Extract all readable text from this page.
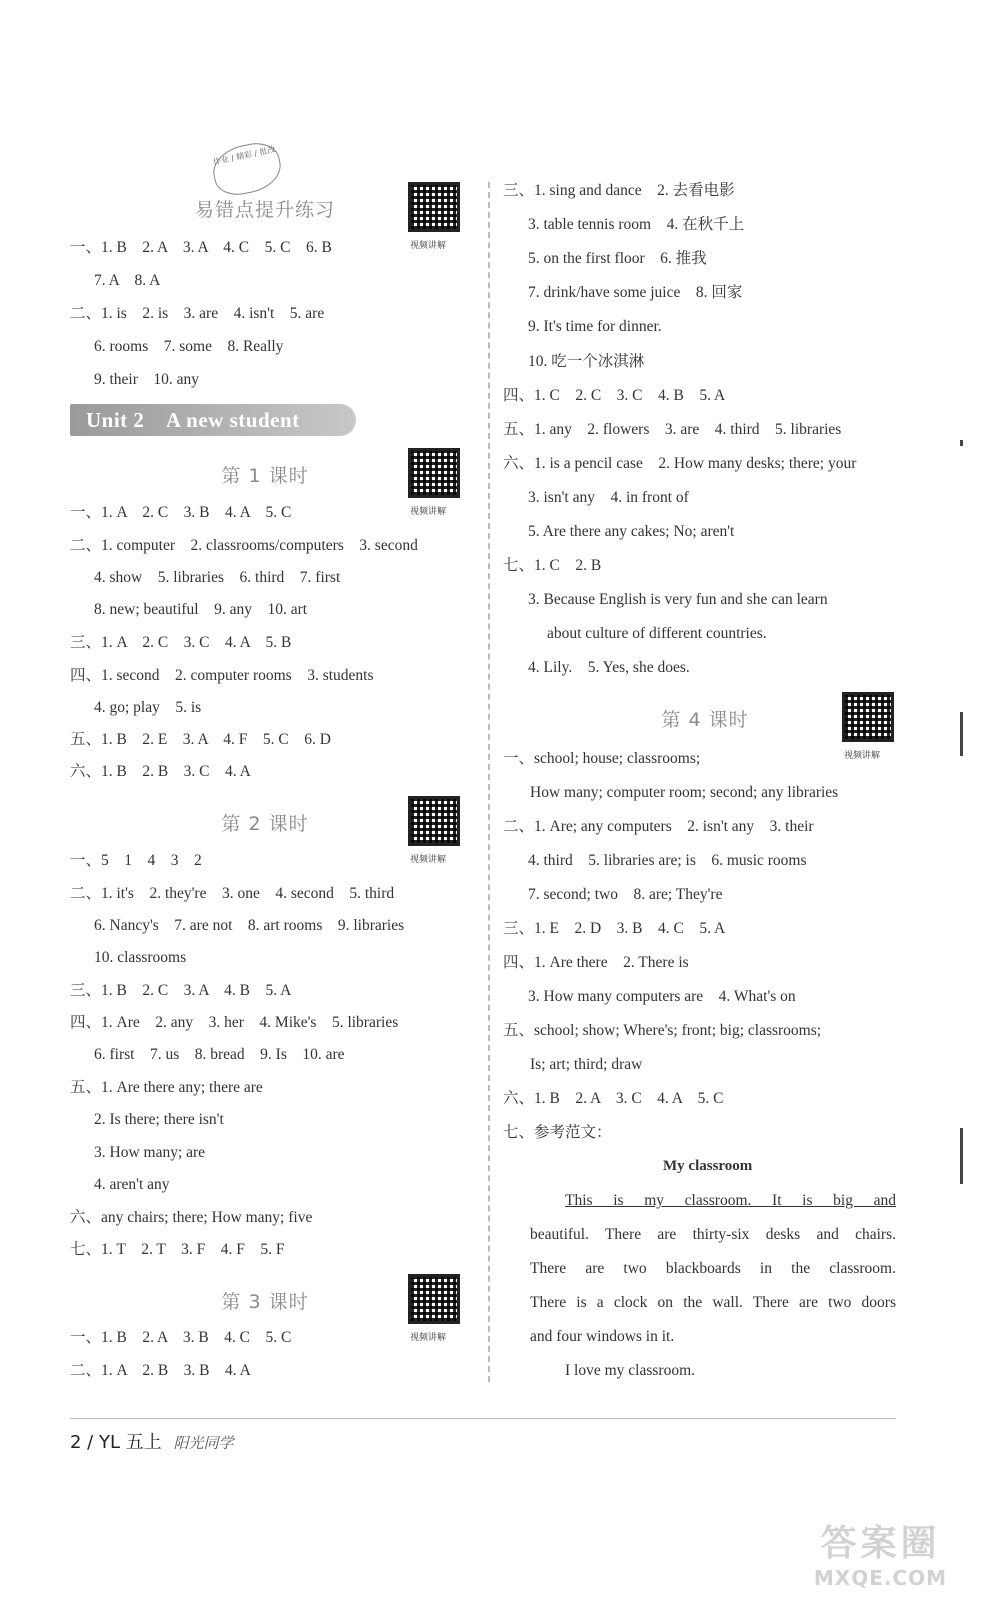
作业 / 精彩 / 批改
易错点提升练习
视频讲解
一、1. B　2. A　3. A　4. C　5. C　6. B
7. A　8. A
二、1. is　2. is　3. are　4. isn't　5. are
6. rooms　7. some　8. Really
9. their　10. any
Unit 2　A new student
第 1 课时
视频讲解
一、1. A　2. C　3. B　4. A　5. C
二、1. computer　2. classrooms/computers　3. second
4. show　5. libraries　6. third　7. first
8. new; beautiful　9. any　10. art
三、1. A　2. C　3. C　4. A　5. B
四、1. second　2. computer rooms　3. students
4. go; play　5. is
五、1. B　2. E　3. A　4. F　5. C　6. D
六、1. B　2. B　3. C　4. A
第 2 课时
视频讲解
一、5　1　4　3　2
二、1. it's　2. they're　3. one　4. second　5. third
6. Nancy's　7. are not　8. art rooms　9. libraries
10. classrooms
三、1. B　2. C　3. A　4. B　5. A
四、1. Are　2. any　3. her　4. Mike's　5. libraries
6. first　7. us　8. bread　9. Is　10. are
五、1. Are there any; there are
2. Is there; there isn't
3. How many; are
4. aren't any
六、any chairs; there; How many; five
七、1. T　2. T　3. F　4. F　5. F
第 3 课时
视频讲解
一、1. B　2. A　3. B　4. C　5. C
二、1. A　2. B　3. B　4. A
三、1. sing and dance　2. 去看电影
3. table tennis room　4. 在秋千上
5. on the first floor　6. 推我
7. drink/have some juice　8. 回家
9. It's time for dinner.
10. 吃一个冰淇淋
四、1. C　2. C　3. C　4. B　5. A
五、1. any　2. flowers　3. are　4. third　5. libraries
六、1. is a pencil case　2. How many desks; there; your
3. isn't any　4. in front of
5. Are there any cakes; No; aren't
七、1. C　2. B
3. Because English is very fun and she can learn
about culture of different countries.
4. Lily.　5. Yes, she does.
第 4 课时
视频讲解
一、school; house; classrooms;
How many; computer room; second; any libraries
二、1. Are; any computers　2. isn't any　3. their
4. third　5. libraries are; is　6. music rooms
7. second; two　8. are; They're
三、1. E　2. D　3. B　4. C　5. A
四、1. Are there　2. There is
3. How many computers are　4. What's on
五、school; show; Where's; front; big; classrooms;
Is; art; third; draw
六、1. B　2. A　3. C　4. A　5. C
七、参考范文：
My classroom
This is my classroom. It is big and
beautiful. There are thirty-six desks and chairs.
There are two blackboards in the classroom.
There is a clock on the wall. There are two doors
and four windows in it.
I love my classroom.
2 / YL 五上 阳光同学
答案圈
MXQE.COM
